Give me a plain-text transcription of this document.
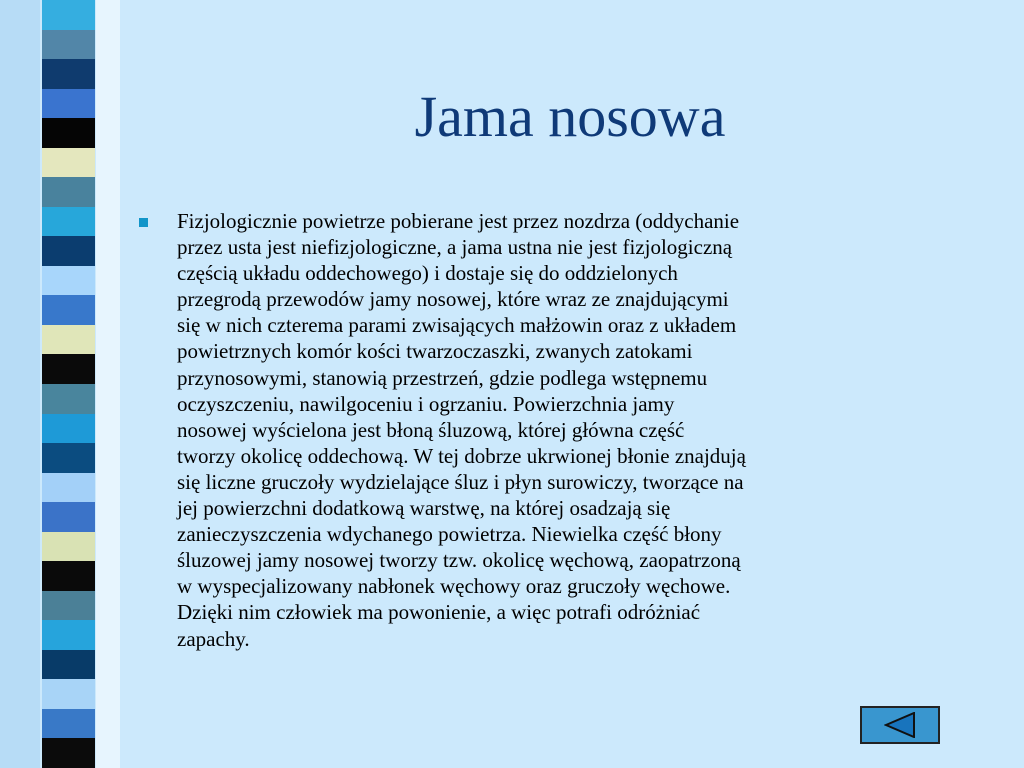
Jama nosowa

Fizjologicznie powietrze pobierane jest przez nozdrza (oddychanie
przez usta jest niefizjologiczne, a jama ustna nie jest fizjologiczną
częścią układu oddechowego) i dostaje się do oddzielonych
przegrodą przewodów jamy nosowej, które wraz ze znajdującymi
się w nich czterema parami zwisających małżowin oraz z układem
powietrznych komór kości twarzoczaszki, zwanych zatokami
przynosowymi, stanowią przestrzeń, gdzie podlega wstępnemu
oczyszczeniu, nawilgoceniu i ogrzaniu. Powierzchnia jamy
nosowej wyścielona jest błoną śluzową, której główna część
tworzy okolicę oddechową. W tej dobrze ukrwionej błonie znajdują
się liczne gruczoły wydzielające śluz i płyn surowiczy, tworzące na
jej powierzchni dodatkową warstwę, na której osadzają się
zanieczyszczenia wdychanego powietrza. Niewielka część błony
śluzowej jamy nosowej tworzy tzw. okolicę węchową, zaopatrzoną
w wyspecjalizowany nabłonek węchowy oraz gruczoły węchowe.
Dzięki nim człowiek ma powonienie, a więc potrafi odróżniać
zapachy.
